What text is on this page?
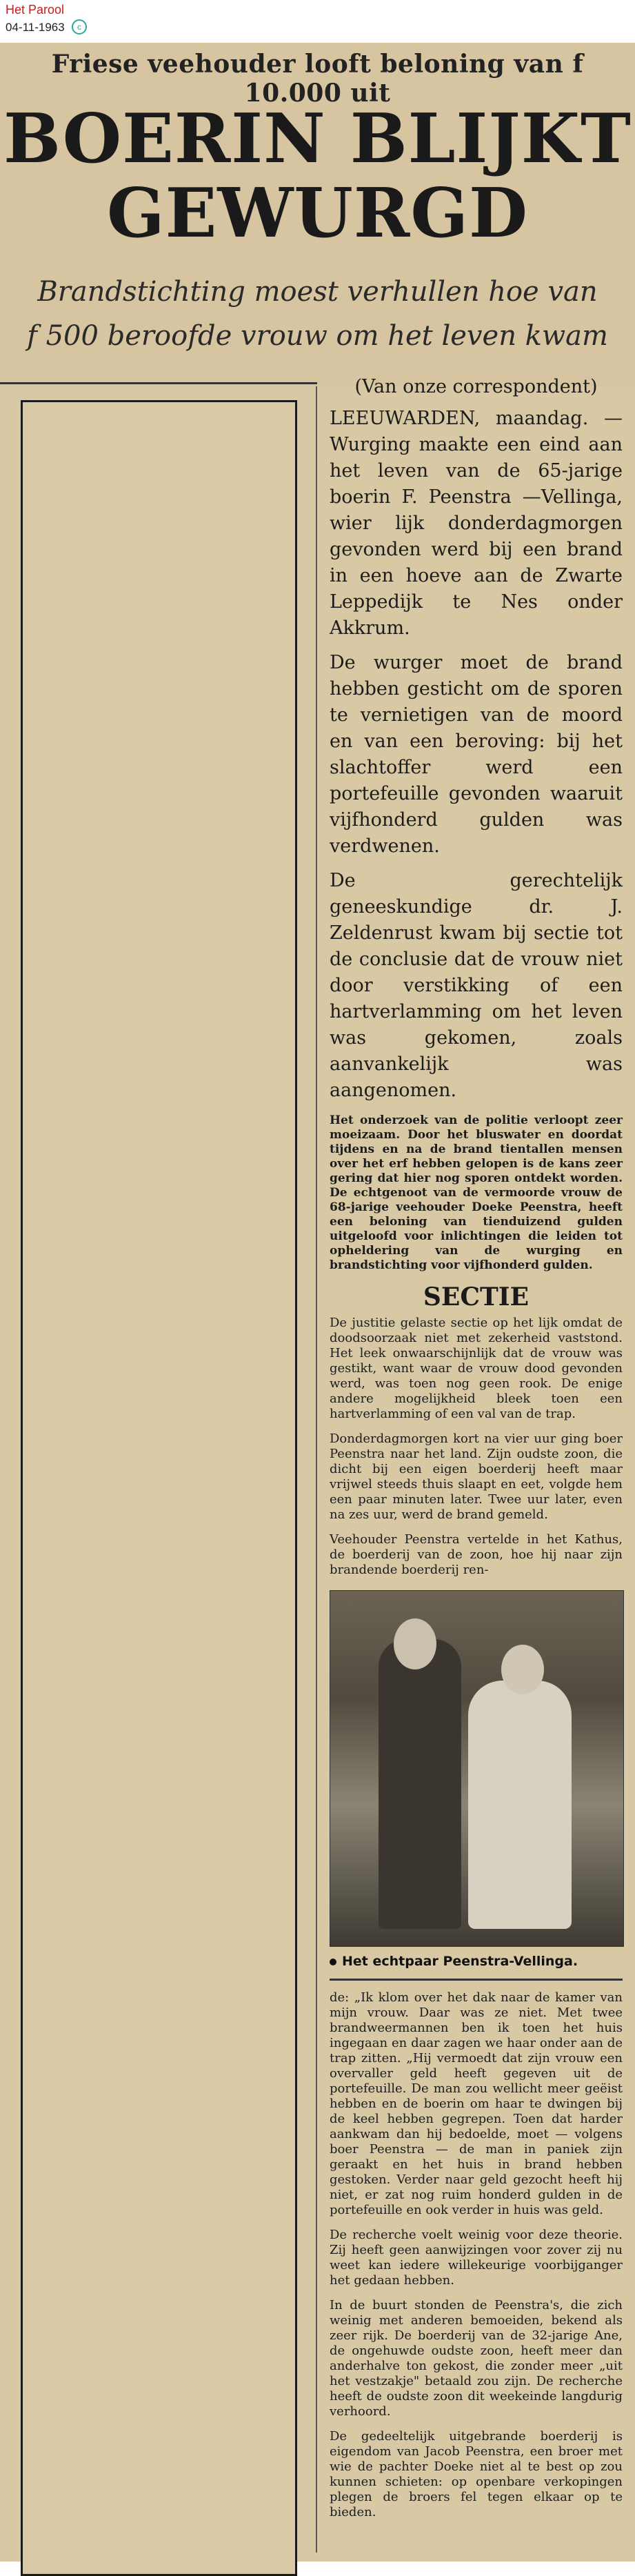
Het Parool
04-11-1963	c
Friese veehouder looft beloning van f 10.000 uit
BOERIN BLIJKT
GEWURGD
Brandstichting moest verhullen hoe van
f 500 beroofde vrouw om het leven kwam

(Van onze correspondent)

LEEUWARDEN, maandag. — Wurging maakte een eind aan het leven van de 65-jarige boerin F. Peenstra —Vellinga, wier lijk donderdagmorgen gevonden werd bij een brand in een hoeve aan de Zwarte Leppedijk te Nes onder Akkrum.

De wurger moet de brand hebben gesticht om de sporen te vernietigen van de moord en van een beroving: bij het slachtoffer werd een portefeuille gevonden waaruit vijfhonderd gulden was verdwenen.

De gerechtelijk geneeskundige dr. J. Zeldenrust kwam bij sectie tot de conclusie dat de vrouw niet door verstikking of een hartverlamming om het leven was gekomen, zoals aanvankelijk was aangenomen.

Het onderzoek van de politie verloopt zeer moeizaam. Door het bluswater en doordat tijdens en na de brand tientallen mensen over het erf hebben gelopen is de kans zeer gering dat hier nog sporen ontdekt worden. De echtgenoot van de vermoorde vrouw de 68-jarige veehouder Doeke Peenstra, heeft een beloning van tienduizend gulden uitgeloofd voor inlichtingen die leiden tot opheldering van de wurging en brandstichting voor vijfhonderd gulden.

SECTIE

De justitie gelaste sectie op het lijk omdat de doodsoorzaak niet met zekerheid vaststond. Het leek onwaarschijnlijk dat de vrouw was gestikt, want waar de vrouw dood gevonden werd, was toen nog geen rook. De enige andere mogelijkheid bleek toen een hartverlamming of een val van de trap.

Donderdagmorgen kort na vier uur ging boer Peenstra naar het land. Zijn oudste zoon, die dicht bij een eigen boerderij heeft maar vrijwel steeds thuis slaapt en eet, volgde hem een paar minuten later. Twee uur later, even na zes uur, werd de brand gemeld.

Veehouder Peenstra vertelde in het Kathus, de boerderij van de zoon, hoe hij naar zijn brandende boerderij ren-

Het echtpaar Peenstra-Vellinga.

de: „Ik klom over het dak naar de kamer van mijn vrouw. Daar was ze niet. Met twee brandweermannen ben ik toen het huis ingegaan en daar zagen we haar onder aan de trap zitten. „Hij vermoedt dat zijn vrouw een overvaller geld heeft gegeven uit de portefeuille. De man zou wellicht meer geëist hebben en de boerin om haar te dwingen bij de keel hebben gegrepen. Toen dat harder aankwam dan hij bedoelde, moet — volgens boer Peenstra — de man in paniek zijn geraakt en het huis in brand hebben gestoken. Verder naar geld gezocht heeft hij niet, er zat nog ruim honderd gulden in de portefeuille en ook verder in huis was geld.

De recherche voelt weinig voor deze theorie. Zij heeft geen aanwijzingen voor zover zij nu weet kan iedere willekeurige voorbijganger het gedaan hebben.

In de buurt stonden de Peenstra's, die zich weinig met anderen bemoeiden, bekend als zeer rijk. De boerderij van de 32-jarige Ane, de ongehuwde oudste zoon, heeft meer dan anderhalve ton gekost, die zonder meer „uit het vestzakje" betaald zou zijn. De recherche heeft de oudste zoon dit weekeinde langdurig verhoord.

De gedeeltelijk uitgebrande boerderij is eigendom van Jacob Peenstra, een broer met wie de pachter Doeke niet al te best op zou kunnen schieten: op openbare verkopingen plegen de broers fel tegen elkaar op te bieden.
